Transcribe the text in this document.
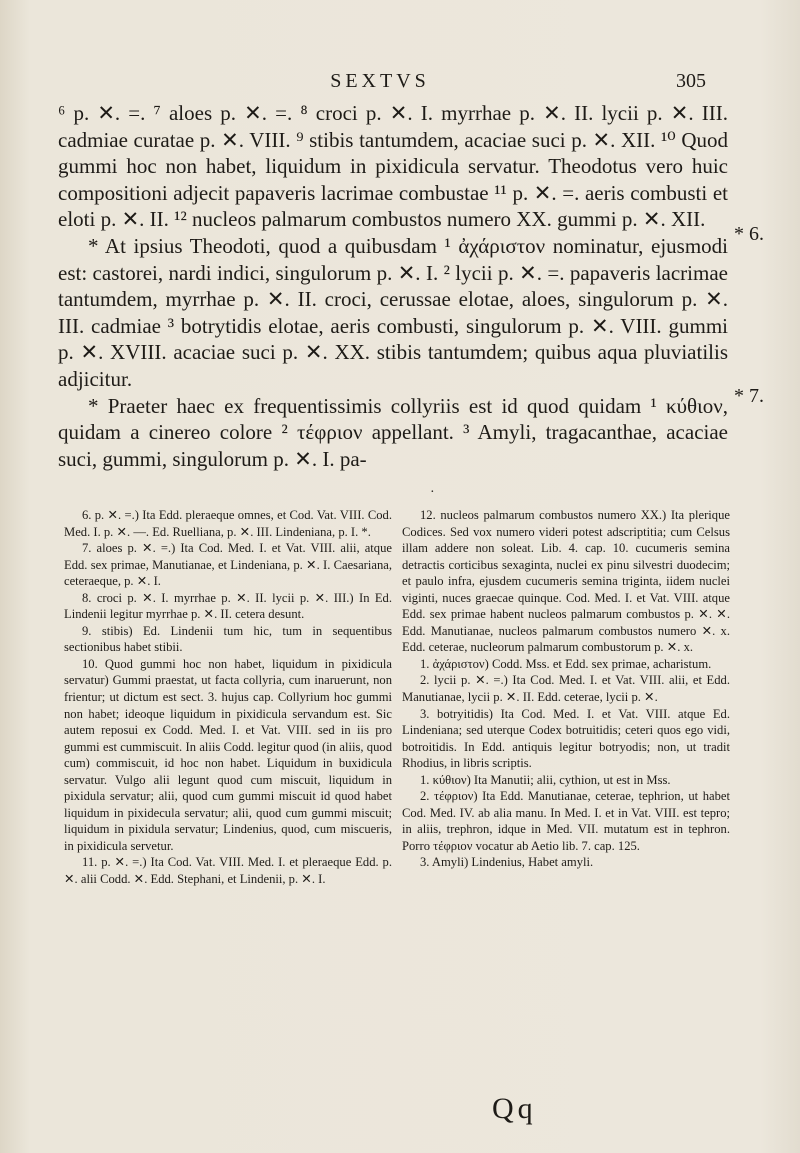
SEXTVS	305

⁶ p. ✕. =. ⁷ aloes p. ✕. =. ⁸ croci p. ✕. I. myrrhae p. ✕. II. lycii p. ✕. III. cadmiae curatae p. ✕. VIII. ⁹ stibis tantumdem, acaciae suci p. ✕. XII. ¹⁰ Quod gummi hoc non habet, liquidum in pixidicula servatur. Theodotus vero huic compositioni adjecit papaveris lacrimae combustae ¹¹ p. ✕. =. aeris combusti et eloti p. ✕. II. ¹² nucleos palmarum combustos numero XX. gummi p. ✕. XII.

* At ipsius Theodoti, quod a quibusdam ¹ ἀχάριστον nominatur, ejusmodi est: castorei, nardi indici, singulorum p. ✕. I. ² lycii p. ✕. =. papaveris lacrimae tantumdem, myrrhae p. ✕. II. croci, cerussae elotae, aloes, singulorum p. ✕. III. cadmiae ³ botrytidis elotae, aeris combusti, singulorum p. ✕. VIII. gummi p. ✕. XVIII. acaciae suci p. ✕. XX. stibis tantumdem; quibus aqua pluviatilis adjicitur.

* Praeter haec ex frequentissimis collyriis est id quod quidam ¹ κύθιον, quidam a cinereo colore ² τέφριον appellant. ³ Amyli, tragacanthae, acaciae suci, gummi, singulorum p. ✕. I. pa-

* 6.
* 7.
·

6. p. ✕. =.) Ita Edd. pleraeque omnes, et Cod. Vat. VIII. Cod. Med. I. p. ✕. —. Ed. Ruelliana, p. ✕. III. Lindeniana, p. I. *.

7. aloes p. ✕. =.) Ita Cod. Med. I. et Vat. VIII. alii, atque Edd. sex primae, Manutianae, et Lindeniana, p. ✕. I. Caesariana, ceteraeque, p. ✕. I.

8. croci p. ✕. I. myrrhae p. ✕. II. lycii p. ✕. III.) In Ed. Lindenii legitur myrrhae p. ✕. II. cetera desunt.

9. stibis) Ed. Lindenii tum hic, tum in sequentibus sectionibus habet stibii.

10. Quod gummi hoc non habet, liquidum in pixidicula servatur) Gummi praestat, ut facta collyria, cum inaruerunt, non frientur; ut dictum est sect. 3. hujus cap. Collyrium hoc gummi non habet; ideoque liquidum in pixidicula servandum est. Sic autem reposui ex Codd. Med. I. et Vat. VIII. sed in iis pro gummi est cummiscuit. In aliis Codd. legitur quod (in aliis, quod cum) commiscuit, id hoc non habet. Liquidum in buxidicula servatur. Vulgo alii legunt quod cum miscuit, liquidum in pixidula servatur; alii, quod cum gummi miscuit id quod habet liquidum in pixidecula servatur; alii, quod cum gummi miscuit; liquidum in pixidula servatur; Lindenius, quod, cum miscueris, in pixidicula servetur.

11. p. ✕. =.) Ita Cod. Vat. VIII. Med. I. et pleraeque Edd. p. ✕. alii Codd. ✕. Edd. Stephani, et Lindenii, p. ✕. I.

12. nucleos palmarum combustos numero XX.) Ita plerique Codices. Sed vox numero videri potest adscriptitia; cum Celsus illam addere non soleat. Lib. 4. cap. 10. cucumeris semina detractis corticibus sexaginta, nuclei ex pinu silvestri duodecim; et paulo infra, ejusdem cucumeris semina triginta, iidem nuclei viginti, nuces graecae quinque. Cod. Med. I. et Vat. VIII. atque Edd. sex primae habent nucleos palmarum combustos p. ✕. ✕. Edd. Manutianae, nucleos palmarum combustos numero ✕. x. Edd. ceterae, nucleorum palmarum combustorum p. ✕. x.

1. ἀχάριστον) Codd. Mss. et Edd. sex primae, acharistum.

2. lycii p. ✕. =.) Ita Cod. Med. I. et Vat. VIII. alii, et Edd. Manutianae, lycii p. ✕. II. Edd. ceterae, lycii p. ✕.

3. botryitidis) Ita Cod. Med. I. et Vat. VIII. atque Ed. Lindeniana; sed uterque Codex botruitidis; ceteri quos ego vidi, botroitidis. In Edd. antiquis legitur botryodis; non, ut tradit Rhodius, in libris scriptis.

1. κύθιον) Ita Manutii; alii, cythion, ut est in Mss.

2. τέφριον) Ita Edd. Manutianae, ceterae, tephrion, ut habet Cod. Med. IV. ab alia manu. In Med. I. et in Vat. VIII. est tepro; in aliis, trephron, idque in Med. VII. mutatum est in tephron. Porro τέφριον vocatur ab Aetio lib. 7. cap. 125.

3. Amyli) Lindenius, Habet amyli.

Qq
